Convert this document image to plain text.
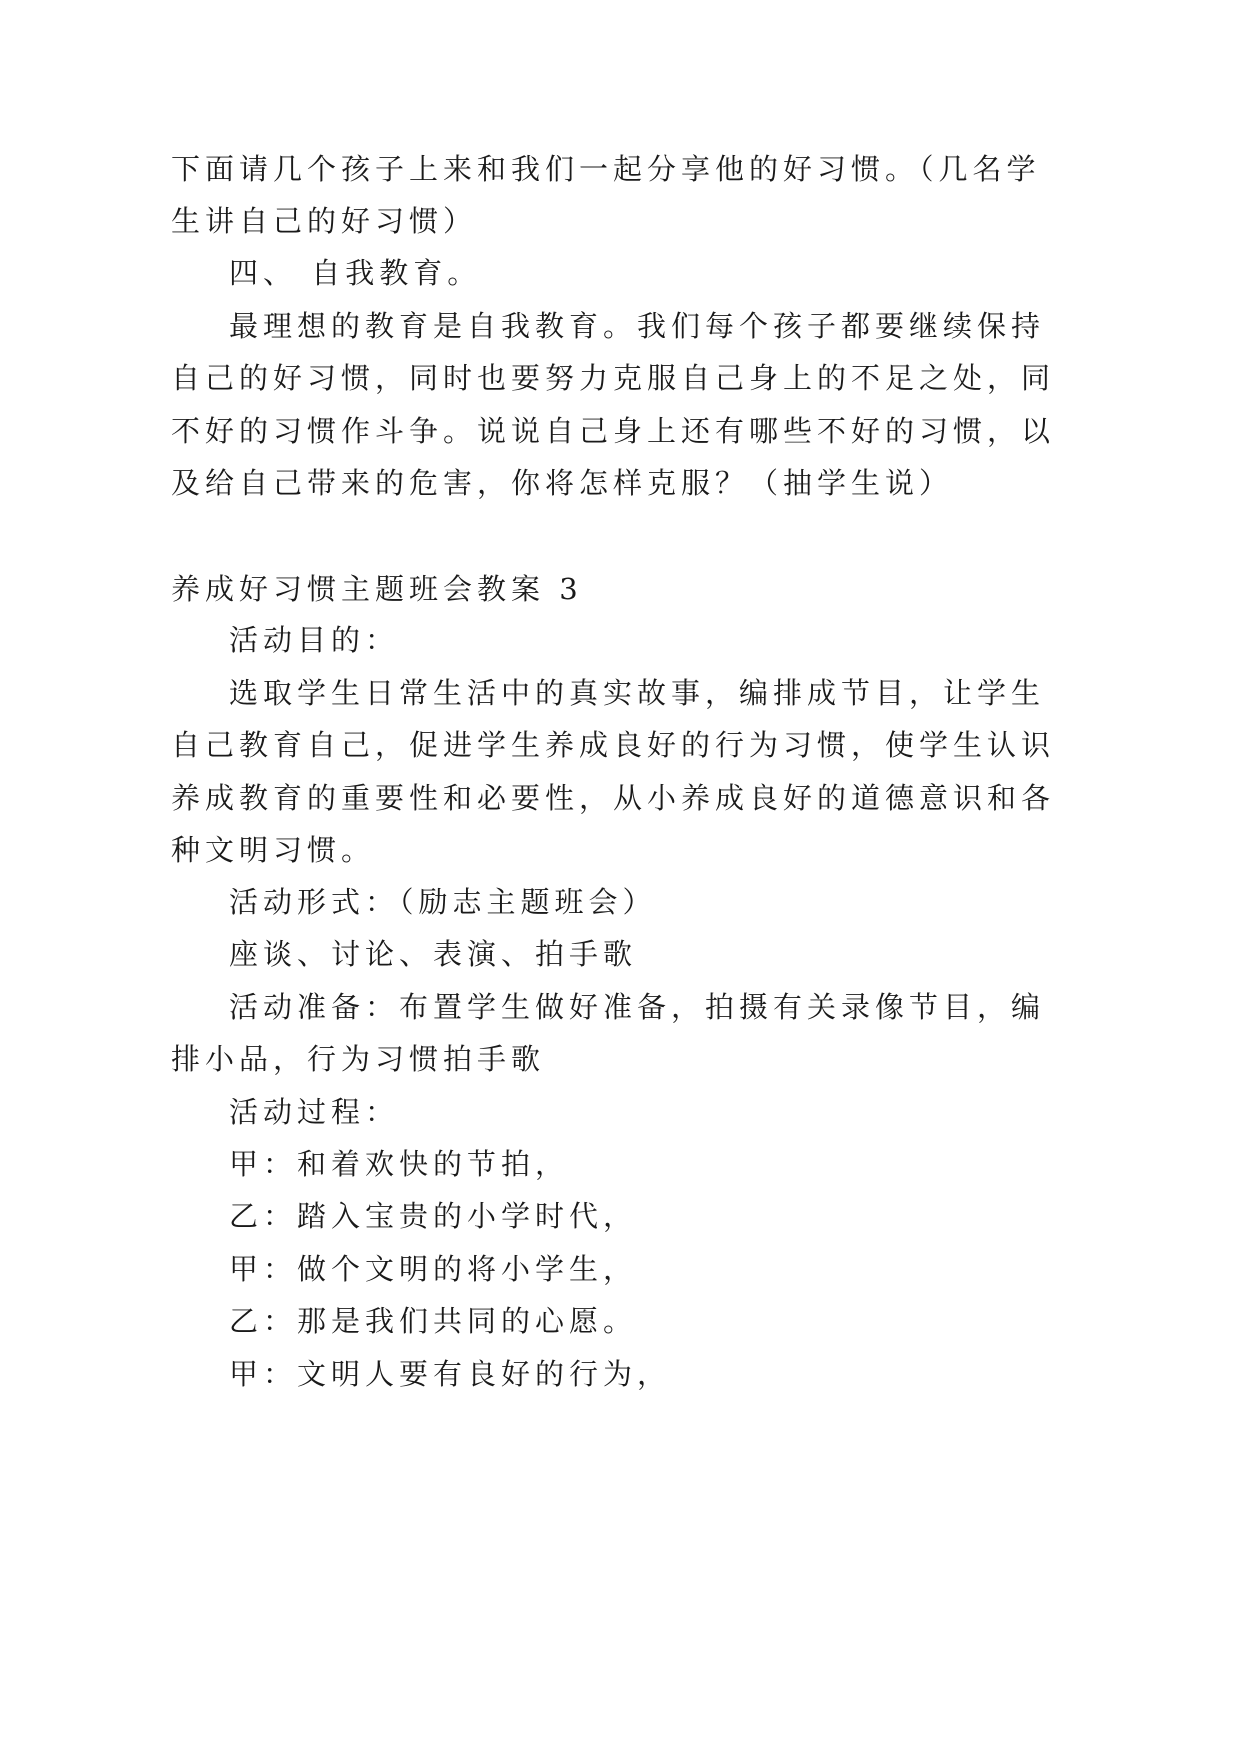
下面请几个孩子上来和我们一起分享他的好习惯。（几名学
生讲自己的好习惯）
四、 自我教育。
最理想的教育是自我教育。我们每个孩子都要继续保持
自己的好习惯，同时也要努力克服自己身上的不足之处，同
不好的习惯作斗争。说说自己身上还有哪些不好的习惯，以
及给自己带来的危害，你将怎样克服？（抽学生说）
养成好习惯主题班会教案 3
活动目的：
选取学生日常生活中的真实故事，编排成节目，让学生
自己教育自己，促进学生养成良好的行为习惯，使学生认识
养成教育的重要性和必要性，从小养成良好的道德意识和各
种文明习惯。
活动形式：（励志主题班会）
座谈、讨论、表演、拍手歌
活动准备：布置学生做好准备，拍摄有关录像节目，编
排小品，行为习惯拍手歌
活动过程：
甲：和着欢快的节拍，
乙：踏入宝贵的小学时代，
甲：做个文明的将小学生，
乙：那是我们共同的心愿。
甲：文明人要有良好的行为，
